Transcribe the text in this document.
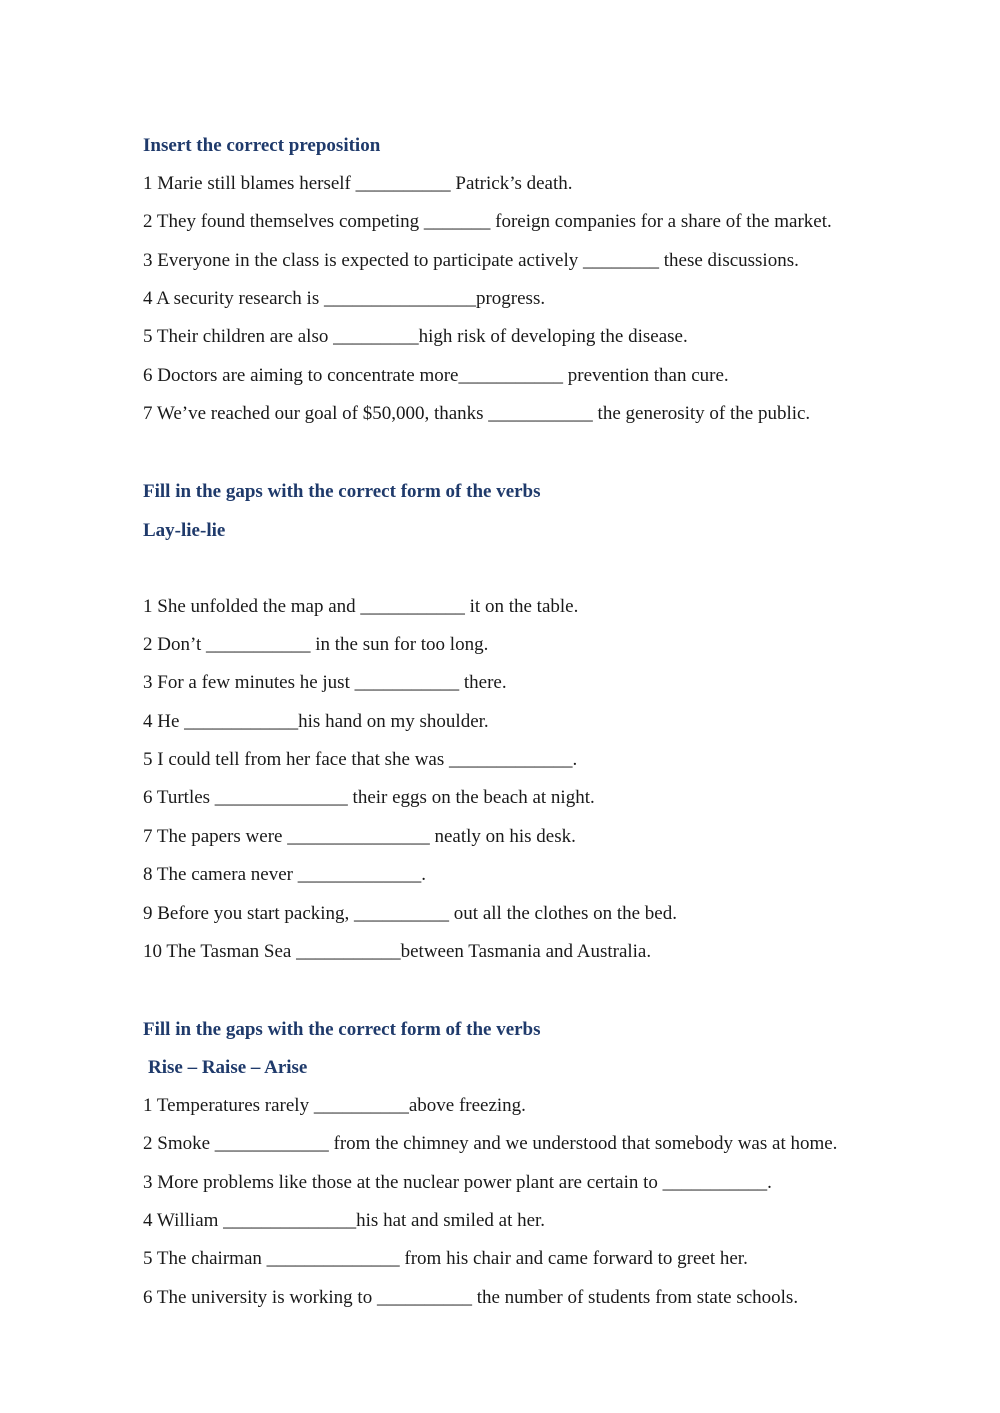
Insert the correct preposition
1 Marie still blames herself __________ Patrick’s death.
2 They found themselves competing _______ foreign companies for a share of the market.
3 Everyone in the class is expected to participate actively ________ these discussions.
4 A security research is ________________progress.
5 Their children are also _________high risk of developing the disease.
6 Doctors are aiming to concentrate more___________ prevention than cure.
7 We’ve reached our goal of $50,000, thanks ___________ the generosity of the public.
Fill in the gaps with the correct form of the verbs
Lay-lie-lie
1 She unfolded the map and ___________ it on the table.
2 Don’t ___________ in the sun for too long.
3 For a few minutes he just ___________ there.
4 He ____________his hand on my shoulder.
5 I could tell from her face that she was _____________.
6 Turtles ______________ their eggs on the beach at night.
7 The papers were _______________ neatly on his desk.
8 The camera never _____________.
9 Before you start packing, __________ out all the clothes on the bed.
10 The Tasman Sea ___________between Tasmania and Australia.
Fill in the gaps with the correct form of the verbs
Rise – Raise – Arise
1 Temperatures rarely __________above freezing.
2 Smoke ____________ from the chimney and we understood that somebody was at home.
3 More problems like those at the nuclear power plant are certain to ___________.
4 William ______________his hat and smiled at her.
5 The chairman ______________ from his chair and came forward to greet her.
6 The university is working to __________ the number of students from state schools.
